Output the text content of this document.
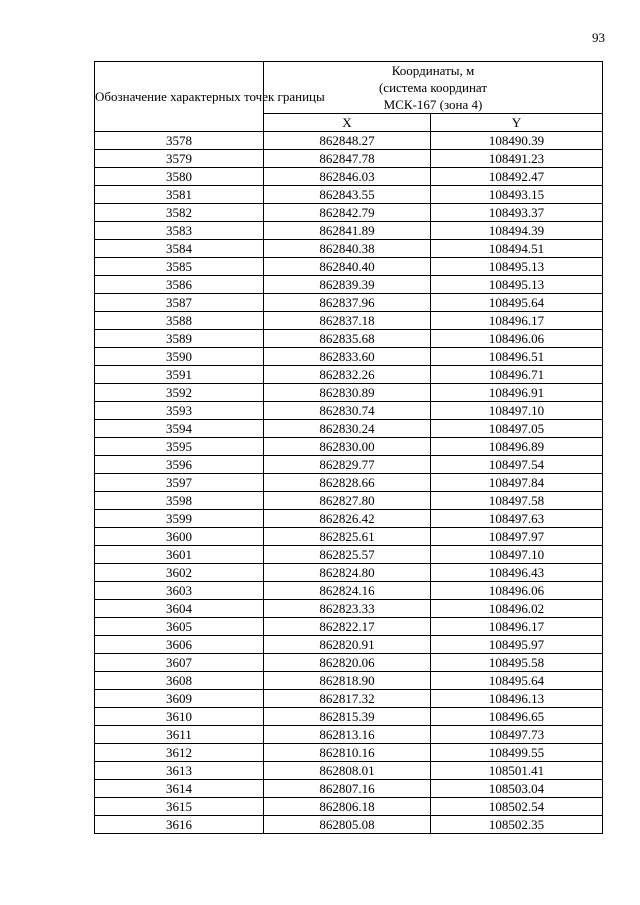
93
Обозначение характерных точек границы	Координаты, м
(система координат
МСК-167 (зона 4)	
	X	Y
3578	862848.27	108490.39
3579	862847.78	108491.23
3580	862846.03	108492.47
3581	862843.55	108493.15
3582	862842.79	108493.37
3583	862841.89	108494.39
3584	862840.38	108494.51
3585	862840.40	108495.13
3586	862839.39	108495.13
3587	862837.96	108495.64
3588	862837.18	108496.17
3589	862835.68	108496.06
3590	862833.60	108496.51
3591	862832.26	108496.71
3592	862830.89	108496.91
3593	862830.74	108497.10
3594	862830.24	108497.05
3595	862830.00	108496.89
3596	862829.77	108497.54
3597	862828.66	108497.84
3598	862827.80	108497.58
3599	862826.42	108497.63
3600	862825.61	108497.97
3601	862825.57	108497.10
3602	862824.80	108496.43
3603	862824.16	108496.06
3604	862823.33	108496.02
3605	862822.17	108496.17
3606	862820.91	108495.97
3607	862820.06	108495.58
3608	862818.90	108495.64
3609	862817.32	108496.13
3610	862815.39	108496.65
3611	862813.16	108497.73
3612	862810.16	108499.55
3613	862808.01	108501.41
3614	862807.16	108503.04
3615	862806.18	108502.54
3616	862805.08	108502.35
